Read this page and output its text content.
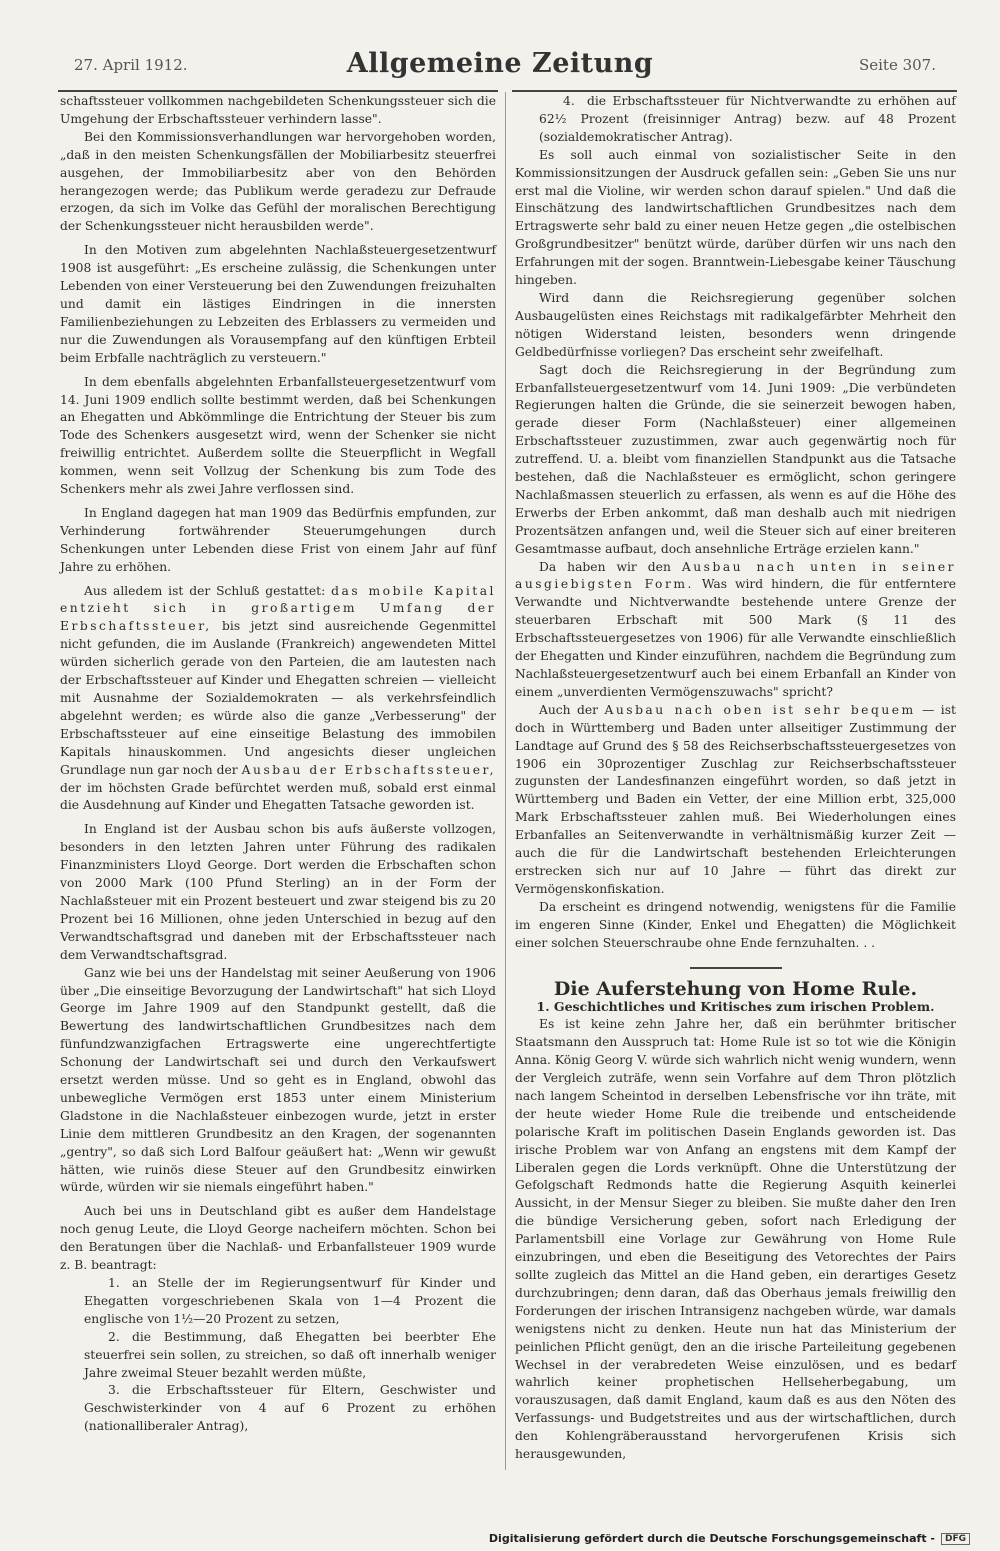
27. April 1912.	Allgemeine Zeitung	Seite 307.

schaftssteuer vollkommen nachgebildeten Schenkungssteuer sich die Umgehung der Erbschaftssteuer verhindern lasse".

Bei den Kommissionsverhandlungen war hervorgehoben worden, „daß in den meisten Schenkungsfällen der Mobiliarbesitz steuerfrei ausgehen, der Immobiliarbesitz aber von den Behörden herangezogen werde; das Publikum werde geradezu zur Defraude erzogen, da sich im Volke das Gefühl der moralischen Berechtigung der Schenkungssteuer nicht herausbilden werde".

In den Motiven zum abgelehnten Nachlaßsteuergesetzentwurf 1908 ist ausgeführt: „Es erscheine zulässig, die Schenkungen unter Lebenden von einer Versteuerung bei den Zuwendungen freizuhalten und damit ein lästiges Eindringen in die innersten Familienbeziehungen zu Lebzeiten des Erblassers zu vermeiden und nur die Zuwendungen als Vorausempfang auf den künftigen Erbteil beim Erbfalle nachträglich zu versteuern."

In dem ebenfalls abgelehnten Erbanfallsteuergesetzentwurf vom 14. Juni 1909 endlich sollte bestimmt werden, daß bei Schenkungen an Ehegatten und Abkömmlinge die Entrichtung der Steuer bis zum Tode des Schenkers ausgesetzt wird, wenn der Schenker sie nicht freiwillig entrichtet. Außerdem sollte die Steuerpflicht in Wegfall kommen, wenn seit Vollzug der Schenkung bis zum Tode des Schenkers mehr als zwei Jahre verflossen sind.

In England dagegen hat man 1909 das Bedürfnis empfunden, zur Verhinderung fortwährender Steuerumgehungen durch Schenkungen unter Lebenden diese Frist von einem Jahr auf fünf Jahre zu erhöhen.

Aus alledem ist der Schluß gestattet: das mobile Kapital entzieht sich in großartigem Umfang der Erbschaftssteuer, bis jetzt sind ausreichende Gegenmittel nicht gefunden, die im Auslande (Frankreich) angewendeten Mittel würden sicherlich gerade von den Parteien, die am lautesten nach der Erbschaftssteuer auf Kinder und Ehegatten schreien — vielleicht mit Ausnahme der Sozialdemokraten — als verkehrsfeindlich abgelehnt werden; es würde also die ganze „Verbesserung" der Erbschaftssteuer auf eine einseitige Belastung des immobilen Kapitals hinauskommen. Und angesichts dieser ungleichen Grundlage nun gar noch der Ausbau der Erbschaftssteuer, der im höchsten Grade befürchtet werden muß, sobald erst einmal die Ausdehnung auf Kinder und Ehegatten Tatsache geworden ist.

In England ist der Ausbau schon bis aufs äußerste vollzogen, besonders in den letzten Jahren unter Führung des radikalen Finanzministers Lloyd George. Dort werden die Erbschaften schon von 2000 Mark (100 Pfund Sterling) an in der Form der Nachlaßsteuer mit ein Prozent besteuert und zwar steigend bis zu 20 Prozent bei 16 Millionen, ohne jeden Unterschied in bezug auf den Verwandtschaftsgrad und daneben mit der Erbschaftssteuer nach dem Verwandtschaftsgrad.

Ganz wie bei uns der Handelstag mit seiner Aeußerung von 1906 über „Die einseitige Bevorzugung der Landwirtschaft" hat sich Lloyd George im Jahre 1909 auf den Standpunkt gestellt, daß die Bewertung des landwirtschaftlichen Grundbesitzes nach dem fünfundzwanzigfachen Ertragswerte eine ungerechtfertigte Schonung der Landwirtschaft sei und durch den Verkaufswert ersetzt werden müsse. Und so geht es in England, obwohl das unbewegliche Vermögen erst 1853 unter einem Ministerium Gladstone in die Nachlaßsteuer einbezogen wurde, jetzt in erster Linie dem mittleren Grundbesitz an den Kragen, der sogenannten „gentry", so daß sich Lord Balfour geäußert hat: „Wenn wir gewußt hätten, wie ruinös diese Steuer auf den Grundbesitz einwirken würde, würden wir sie niemals eingeführt haben."

Auch bei uns in Deutschland gibt es außer dem Handelstage noch genug Leute, die Lloyd George nacheifern möchten. Schon bei den Beratungen über die Nachlaß- und Erbanfallsteuer 1909 wurde z. B. beantragt:

1. an Stelle der im Regierungsentwurf für Kinder und Ehegatten vorgeschriebenen Skala von 1—4 Prozent die englische von 1½—20 Prozent zu setzen,

2. die Bestimmung, daß Ehegatten bei beerbter Ehe steuerfrei sein sollen, zu streichen, so daß oft innerhalb weniger Jahre zweimal Steuer bezahlt werden müßte,

3. die Erbschaftssteuer für Eltern, Geschwister und Geschwisterkinder von 4 auf 6 Prozent zu erhöhen (nationalliberaler Antrag),

4. die Erbschaftssteuer für Nichtverwandte zu erhöhen auf 62½ Prozent (freisinniger Antrag) bezw. auf 48 Prozent (sozialdemokratischer Antrag).

Es soll auch einmal von sozialistischer Seite in den Kommissionsitzungen der Ausdruck gefallen sein: „Geben Sie uns nur erst mal die Violine, wir werden schon darauf spielen." Und daß die Einschätzung des landwirtschaftlichen Grundbesitzes nach dem Ertragswerte sehr bald zu einer neuen Hetze gegen „die ostelbischen Großgrundbesitzer" benützt würde, darüber dürfen wir uns nach den Erfahrungen mit der sogen. Branntwein-Liebesgabe keiner Täuschung hingeben.

Wird dann die Reichsregierung gegenüber solchen Ausbaugelüsten eines Reichstags mit radikalgefärbter Mehrheit den nötigen Widerstand leisten, besonders wenn dringende Geldbedürfnisse vorliegen? Das erscheint sehr zweifelhaft.

Sagt doch die Reichsregierung in der Begründung zum Erbanfallsteuergesetzentwurf vom 14. Juni 1909: „Die verbündeten Regierungen halten die Gründe, die sie seinerzeit bewogen haben, gerade dieser Form (Nachlaßsteuer) einer allgemeinen Erbschaftssteuer zuzustimmen, zwar auch gegenwärtig noch für zutreffend. U. a. bleibt vom finanziellen Standpunkt aus die Tatsache bestehen, daß die Nachlaßsteuer es ermöglicht, schon geringere Nachlaßmassen steuerlich zu erfassen, als wenn es auf die Höhe des Erwerbs der Erben ankommt, daß man deshalb auch mit niedrigen Prozentsätzen anfangen und, weil die Steuer sich auf einer breiteren Gesamtmasse aufbaut, doch ansehnliche Erträge erzielen kann."

Da haben wir den Ausbau nach unten in seiner ausgiebigsten Form. Was wird hindern, die für entferntere Verwandte und Nichtverwandte bestehende untere Grenze der steuerbaren Erbschaft mit 500 Mark (§ 11 des Erbschaftssteuergesetzes von 1906) für alle Verwandte einschließlich der Ehegatten und Kinder einzuführen, nachdem die Begründung zum Nachlaßsteuergesetzentwurf auch bei einem Erbanfall an Kinder von einem „unverdienten Vermögenszuwachs" spricht?

Auch der Ausbau nach oben ist sehr bequem — ist doch in Württemberg und Baden unter allseitiger Zustimmung der Landtage auf Grund des § 58 des Reichserbschaftssteuergesetzes von 1906 ein 30prozentiger Zuschlag zur Reichserbschaftssteuer zugunsten der Landesfinanzen eingeführt worden, so daß jetzt in Württemberg und Baden ein Vetter, der eine Million erbt, 325,000 Mark Erbschaftssteuer zahlen muß. Bei Wiederholungen eines Erbanfalles an Seitenverwandte in verhältnismäßig kurzer Zeit — auch die für die Landwirtschaft bestehenden Erleichterungen erstrecken sich nur auf 10 Jahre — führt das direkt zur Vermögenskonfiskation.

Da erscheint es dringend notwendig, wenigstens für die Familie im engeren Sinne (Kinder, Enkel und Ehegatten) die Möglichkeit einer solchen Steuerschraube ohne Ende fernzuhalten. . .

Die Auferstehung von Home Rule.

1. Geschichtliches und Kritisches zum irischen Problem.

Es ist keine zehn Jahre her, daß ein berühmter britischer Staatsmann den Ausspruch tat: Home Rule ist so tot wie die Königin Anna. König Georg V. würde sich wahrlich nicht wenig wundern, wenn der Vergleich zuträfe, wenn sein Vorfahre auf dem Thron plötzlich nach langem Scheintod in derselben Lebensfrische vor ihn träte, mit der heute wieder Home Rule die treibende und entscheidende polarische Kraft im politischen Dasein Englands geworden ist. Das irische Problem war von Anfang an engstens mit dem Kampf der Liberalen gegen die Lords verknüpft. Ohne die Unterstützung der Gefolgschaft Redmonds hatte die Regierung Asquith keinerlei Aussicht, in der Mensur Sieger zu bleiben. Sie mußte daher den Iren die bündige Versicherung geben, sofort nach Erledigung der Parlamentsbill eine Vorlage zur Gewährung von Home Rule einzubringen, und eben die Beseitigung des Vetorechtes der Pairs sollte zugleich das Mittel an die Hand geben, ein derartiges Gesetz durchzubringen; denn daran, daß das Oberhaus jemals freiwillig den Forderungen der irischen Intransigenz nachgeben würde, war damals wenigstens nicht zu denken. Heute nun hat das Ministerium der peinlichen Pflicht genügt, den an die irische Parteileitung gegebenen Wechsel in der verabredeten Weise einzulösen, und es bedarf wahrlich keiner prophetischen Hellseherbegabung, um vorauszusagen, daß damit England, kaum daß es aus den Nöten des Verfassungs- und Budgetstreites und aus der wirtschaftlichen, durch den Kohlengräberausstand hervorgerufenen Krisis sich herausgewunden,

Digitalisierung gefördert durch die Deutsche Forschungsgemeinschaft -	DFG
